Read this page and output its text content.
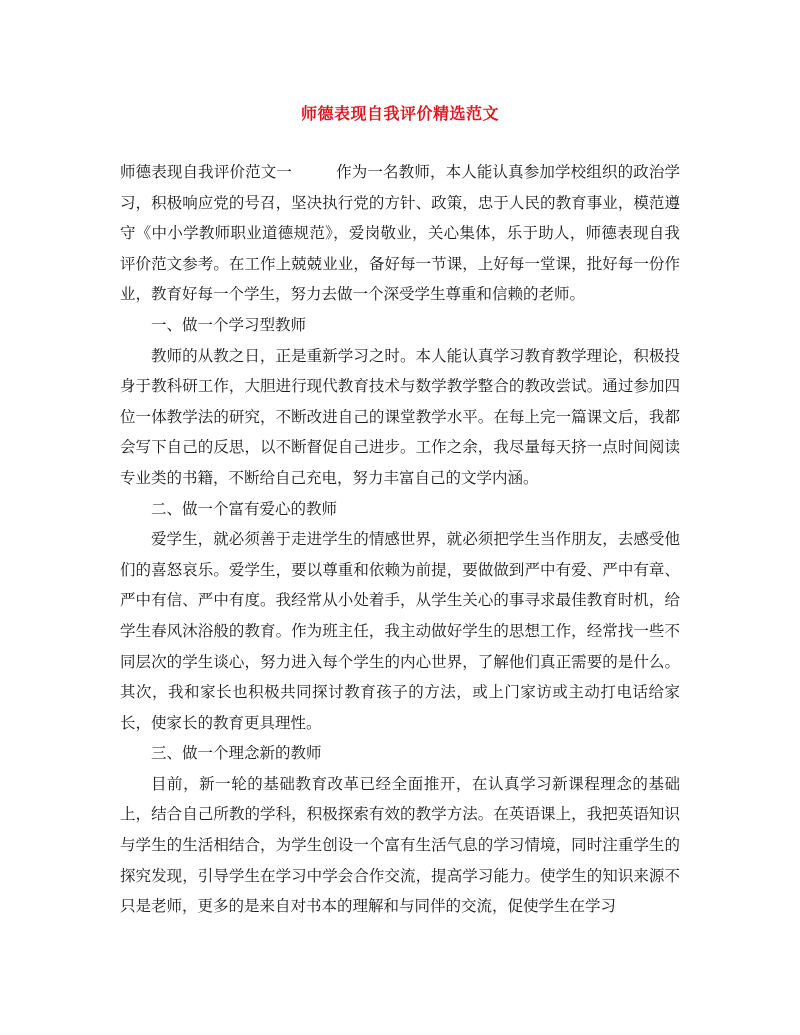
师德表现自我评价精选范文

师德表现自我评价范文一	作为一名教师，本人能认真参加学校组织的政治学习，积极响应党的号召，坚决执行党的方针、政策，忠于人民的教育事业，模范遵守《中小学教师职业道德规范》，爱岗敬业，关心集体，乐于助人，师德表现自我评价范文参考。在工作上兢兢业业，备好每一节课，上好每一堂课，批好每一份作业，教育好每一个学生，努力去做一个深受学生尊重和信赖的老师。

一、做一个学习型教师

教师的从教之日，正是重新学习之时。本人能认真学习教育教学理论，积极投身于教科研工作，大胆进行现代教育技术与数学教学整合的教改尝试。通过参加四位一体教学法的研究，不断改进自己的课堂教学水平。在每上完一篇课文后，我都会写下自己的反思，以不断督促自己进步。工作之余，我尽量每天挤一点时间阅读专业类的书籍，不断给自己充电，努力丰富自己的文学内涵。

二、做一个富有爱心的教师

爱学生，就必须善于走进学生的情感世界，就必须把学生当作朋友，去感受他们的喜怒哀乐。爱学生，要以尊重和依赖为前提，要做做到严中有爱、严中有章、严中有信、严中有度。我经常从小处着手，从学生关心的事寻求最佳教育时机，给学生春风沐浴般的教育。作为班主任，我主动做好学生的思想工作，经常找一些不同层次的学生谈心，努力进入每个学生的内心世界，了解他们真正需要的是什么。其次，我和家长也积极共同探讨教育孩子的方法，或上门家访或主动打电话给家长，使家长的教育更具理性。

三、做一个理念新的教师

目前，新一轮的基础教育改革已经全面推开，在认真学习新课程理念的基础上，结合自己所教的学科，积极探索有效的教学方法。在英语课上，我把英语知识与学生的生活相结合，为学生创设一个富有生活气息的学习情境，同时注重学生的探究发现，引导学生在学习中学会合作交流，提高学习能力。使学生的知识来源不只是老师，更多的是来自对书本的理解和与同伴的交流，促使学生在学习
